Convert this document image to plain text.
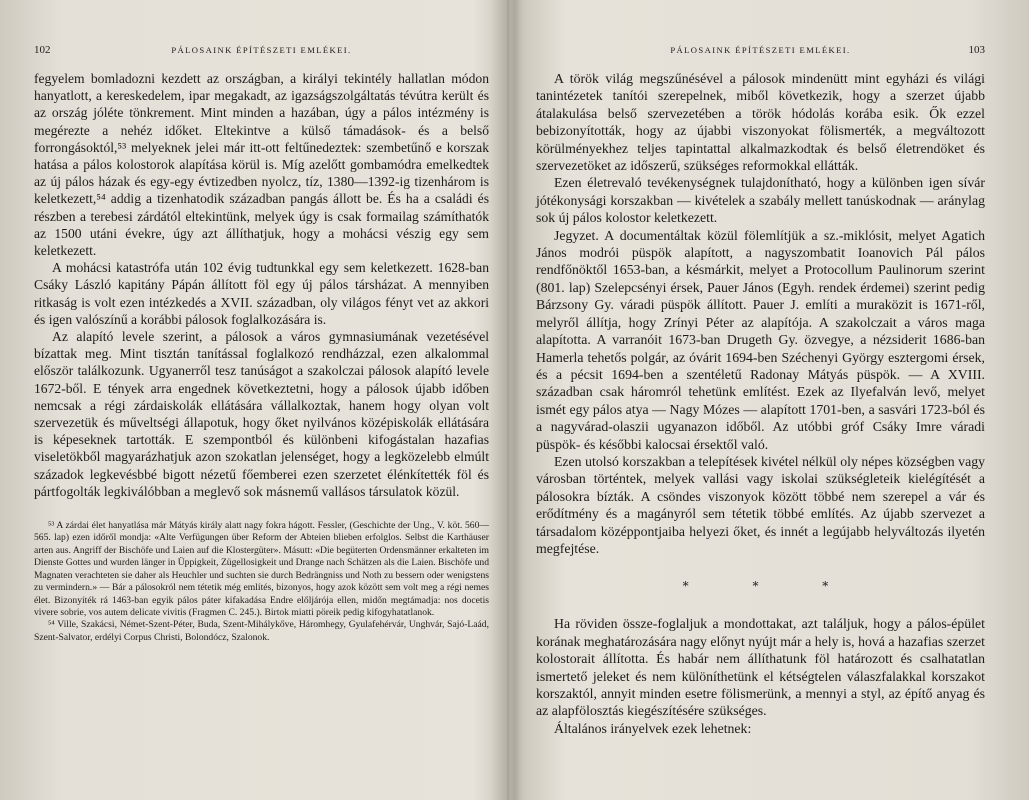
102	PÁLOSAINK ÉPÍTÉSZETI EMLÉKEI.

fegyelem bomladozni kezdett az országban, a királyi tekintély hallatlan módon hanyatlott, a kereskedelem, ipar megakadt, az igazságszolgáltatás tévútra került és az ország jóléte tönkrement. Mint minden a hazában, úgy a pálos intézmény is megérezte a nehéz időket. Eltekintve a külső támadások- és a belső forrongásoktól,⁵³ melyeknek jelei már itt-ott feltűnedeztek: szembetűnő e korszak hatása a pálos kolostorok alapítása körül is. Míg azelőtt gombamódra emelkedtek az új pálos házak és egy-egy évtizedben nyolcz, tíz, 1380—1392-ig tizenhárom is keletkezett,⁵⁴ addig a tizenhatodik században pangás állott be. És ha a családi és részben a terebesi zárdától eltekintünk, melyek úgy is csak formailag számíthatók az 1500 utáni évekre, úgy azt állíthatjuk, hogy a mohácsi vészig egy sem keletkezett.

A mohácsi katastrófa után 102 évig tudtunkkal egy sem keletkezett. 1628-ban Csáky László kapitány Pápán állított föl egy új pálos társházat. A mennyiben ritkaság is volt ezen intézkedés a XVII. században, oly világos fényt vet az akkori és igen valószínű a korábbi pálosok foglalkozására is.

Az alapító levele szerint, a pálosok a város gymnasiumának vezetésével bízattak meg. Mint tisztán tanítással foglalkozó rendházzal, ezen alkalommal először találkozunk. Ugyanerről tesz tanúságot a szakolczai pálosok alapító levele 1672-ből. E tények arra engednek következtetni, hogy a pálosok újabb időben nemcsak a régi zárdaiskolák ellátására vállalkoztak, hanem hogy olyan volt szervezetük és műveltségi állapotuk, hogy őket nyilvános középiskolák ellátására is képeseknek tartották. E szempontból és különbeni kifogástalan hazafias viseletökből magyarázhatjuk azon szokatlan jelenséget, hogy a legközelebb elmúlt századok legkevésbbé bigott nézetű főemberei ezen szerzetet élénkítették föl és pártfogolták legkiválóbban a meglevő sok másnemű vallásos társulatok közül.

⁵³ A zárdai élet hanyatlása már Mátyás király alatt nagy fokra hágott. Fessler, (Geschichte der Ung., V. köt. 560—565. lap) ezen időről mondja: «Alte Verfügungen über Reform der Abteien blieben erfolglos. Selbst die Karthäuser arten aus. Angriff der Bischöfe und Laien auf die Klostergüter». Másutt: «Die begüterten Ordensmänner erkalteten im Dienste Gottes und wurden länger in Üppigkeit, Zügellosigkeit und Drange nach Schätzen als die Laien. Bischöfe und Magnaten verachteten sie daher als Heuchler und suchten sie durch Bedrängniss und Noth zu bessern oder wenigstens zu vermindern.» — Bár a pálosokról nem tétetik még említés, bizonyos, hogy azok között sem volt meg a régi nemes élet. Bizonyíték rá 1463-ban egyik pálos páter kifakadása Endre előljárója ellen, midőn megtámadja: nos docetis vivere sobrie, vos autem delicate vivitis (Fragmen C. 245.). Birtok miatti pöreik pedig kifogyhatatlanok.

⁵⁴ Ville, Szakácsi, Német-Szent-Péter, Buda, Szent-Mihálykőve, Háromhegy, Gyulafehérvár, Unghvár, Sajó-Laád, Szent-Salvator, erdélyi Corpus Christi, Bolondócz, Szalonok.

PÁLOSAINK ÉPÍTÉSZETI EMLÉKEI.	103

A török világ megszűnésével a pálosok mindenütt mint egyházi és világi tanintézetek tanítói szerepelnek, miből következik, hogy a szerzet újabb átalakulása belső szervezetében a török hódolás korába esik. Ők ezzel bebizonyították, hogy az újabbi viszonyokat fölismerték, a megváltozott körülményekhez teljes tapintattal alkalmazkodtak és belső életrendöket és szervezetöket az időszerű, szükséges reformokkal ellátták.

Ezen életrevaló tevékenységnek tulajdonítható, hogy a különben igen sívár jótékonysági korszakban — kivételek a szabály mellett tanúskodnak — aránylag sok új pálos kolostor keletkezett.

Jegyzet. A documentáltak közül fölemlítjük a sz.-miklósit, melyet Agatich János modrói püspök alapított, a nagyszombatit Ioanovich Pál pálos rendfőnöktől 1653-ban, a késmárkit, melyet a Protocollum Paulinorum szerint (801. lap) Szelepcsényi érsek, Pauer János (Egyh. rendek érdemei) szerint pedig Bárzsony Gy. váradi püspök állított. Pauer J. említi a muraközit is 1671-ről, melyről állítja, hogy Zrínyi Péter az alapítója. A szakolczait a város maga alapította. A varranóit 1673-ban Drugeth Gy. özvegye, a nézsiderit 1686-ban Hamerla tehetős polgár, az óvárit 1694-ben Széchenyi György esztergomi érsek, és a pécsit 1694-ben a szentéletű Radonay Mátyás püspök. — A XVIII. században csak háromról tehetünk említést. Ezek az Ilyefalván levő, melyet ismét egy pálos atya — Nagy Mózes — alapított 1701-ben, a sasvári 1723-ból és a nagyvárad-olaszii ugyanazon időből. Az utóbbi gróf Csáky Imre váradi püspök- és későbbi kalocsai érsektől való.

Ezen utolsó korszakban a telepítések kivétel nélkül oly népes községben vagy városban történtek, melyek vallási vagy iskolai szükségleteik kielégítését a pálosokra bízták. A csöndes viszonyok között többé nem szerepel a vár és erődítmény és a magányról sem tétetik többé említés. Az újabb szervezet a társadalom középpontjaiba helyezi őket, és innét a legújabb helyváltozás ilyetén megfejtése.

* * *

Ha röviden össze-foglaljuk a mondottakat, azt találjuk, hogy a pálos-épület korának meghatározására nagy előnyt nyújt már a hely is, hová a hazafias szerzet kolostorait állította. És habár nem állíthatunk föl határozott és csalhatatlan ismertető jeleket és nem különíthetünk el kétségtelen válaszfalakkal korszakot korszaktól, annyit minden esetre fölismerünk, a mennyi a styl, az építő anyag és az alapfölosztás kiegészítésére szükséges.

Általános irányelvek ezek lehetnek:
